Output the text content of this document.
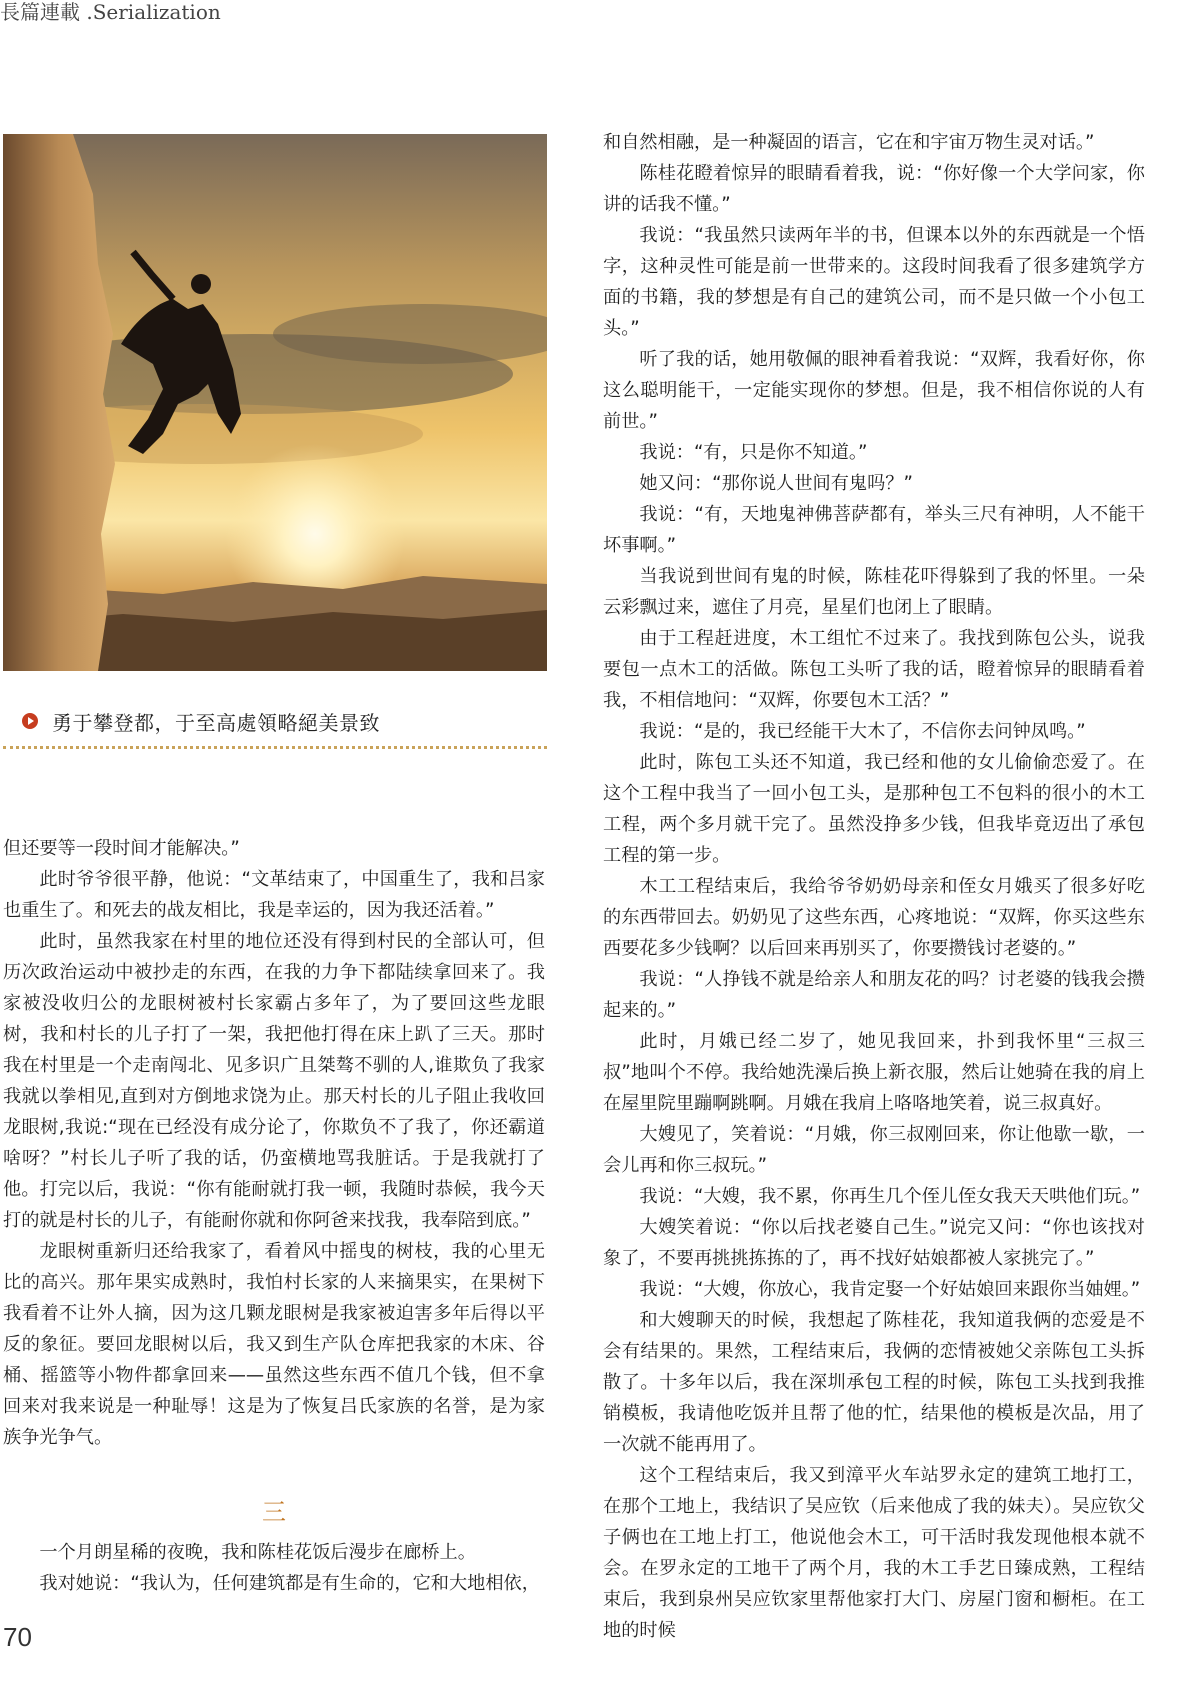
長篇連載 .Serialization
勇于攀登都，于至高處領略絕美景致

但还要等一段时间才能解决。”

此时爷爷很平静，他说：“文革结束了，中国重生了，我和吕家也重生了。和死去的战友相比，我是幸运的，因为我还活着。”

此时，虽然我家在村里的地位还没有得到村民的全部认可，但历次政治运动中被抄走的东西，在我的力争下都陆续拿回来了。我家被没收归公的龙眼树被村长家霸占多年了，为了要回这些龙眼树，我和村长的儿子打了一架，我把他打得在床上趴了三天。那时我在村里是一个走南闯北、见多识广且桀骜不驯的人,谁欺负了我家我就以拳相见,直到对方倒地求饶为止。那天村长的儿子阻止我收回龙眼树,我说:“现在已经没有成分论了，你欺负不了我了，你还霸道啥呀？”村长儿子听了我的话，仍蛮横地骂我脏话。于是我就打了他。打完以后，我说：“你有能耐就打我一顿，我随时恭候，我今天打的就是村长的儿子，有能耐你就和你阿爸来找我，我奉陪到底。”

龙眼树重新归还给我家了，看着风中摇曳的树枝，我的心里无比的高兴。那年果实成熟时，我怕村长家的人来摘果实，在果树下我看着不让外人摘，因为这几颗龙眼树是我家被迫害多年后得以平反的象征。要回龙眼树以后，我又到生产队仓库把我家的木床、谷桶、摇篮等小物件都拿回来——虽然这些东西不值几个钱，但不拿回来对我来说是一种耻辱！这是为了恢复吕氏家族的名誉，是为家族争光争气。

三

一个月朗星稀的夜晚，我和陈桂花饭后漫步在廊桥上。

我对她说：“我认为，任何建筑都是有生命的，它和大地相依，

和自然相融，是一种凝固的语言，它在和宇宙万物生灵对话。”

陈桂花瞪着惊异的眼睛看着我，说：“你好像一个大学问家，你讲的话我不懂。”

我说：“我虽然只读两年半的书，但课本以外的东西就是一个悟字，这种灵性可能是前一世带来的。这段时间我看了很多建筑学方面的书籍，我的梦想是有自己的建筑公司，而不是只做一个小包工头。”

听了我的话，她用敬佩的眼神看着我说：“双辉，我看好你，你这么聪明能干，一定能实现你的梦想。但是，我不相信你说的人有前世。”

我说：“有，只是你不知道。”

她又问：“那你说人世间有鬼吗？”

我说：“有，天地鬼神佛菩萨都有，举头三尺有神明，人不能干坏事啊。”

当我说到世间有鬼的时候，陈桂花吓得躲到了我的怀里。一朵云彩飘过来，遮住了月亮，星星们也闭上了眼睛。

由于工程赶进度，木工组忙不过来了。我找到陈包公头，说我要包一点木工的活做。陈包工头听了我的话，瞪着惊异的眼睛看着我，不相信地问：“双辉，你要包木工活？”

我说：“是的，我已经能干大木了，不信你去问钟凤鸣。”

此时，陈包工头还不知道，我已经和他的女儿偷偷恋爱了。在这个工程中我当了一回小包工头，是那种包工不包料的很小的木工工程，两个多月就干完了。虽然没挣多少钱，但我毕竟迈出了承包工程的第一步。

木工工程结束后，我给爷爷奶奶母亲和侄女月娥买了很多好吃的东西带回去。奶奶见了这些东西，心疼地说：“双辉，你买这些东西要花多少钱啊？以后回来再别买了，你要攒钱讨老婆的。”

我说：“人挣钱不就是给亲人和朋友花的吗？讨老婆的钱我会攒起来的。”

此时，月娥已经二岁了，她见我回来，扑到我怀里“三叔三叔”地叫个不停。我给她洗澡后换上新衣服，然后让她骑在我的肩上在屋里院里蹦啊跳啊。月娥在我肩上咯咯地笑着，说三叔真好。

大嫂见了，笑着说：“月娥，你三叔刚回来，你让他歇一歇，一会儿再和你三叔玩。”

我说：“大嫂，我不累，你再生几个侄儿侄女我天天哄他们玩。”

大嫂笑着说：“你以后找老婆自己生。”说完又问：“你也该找对象了，不要再挑挑拣拣的了，再不找好姑娘都被人家挑完了。”

我说：“大嫂，你放心，我肯定娶一个好姑娘回来跟你当妯娌。”

和大嫂聊天的时候，我想起了陈桂花，我知道我俩的恋爱是不会有结果的。果然，工程结束后，我俩的恋情被她父亲陈包工头拆散了。十多年以后，我在深圳承包工程的时候，陈包工头找到我推销模板，我请他吃饭并且帮了他的忙，结果他的模板是次品，用了一次就不能再用了。

这个工程结束后，我又到漳平火车站罗永定的建筑工地打工，在那个工地上，我结识了吴应钦（后来他成了我的妹夫）。吴应钦父子俩也在工地上打工，他说他会木工，可干活时我发现他根本就不会。在罗永定的工地干了两个月，我的木工手艺日臻成熟，工程结束后，我到泉州吴应钦家里帮他家打大门、房屋门窗和橱柜。在工地的时候

70
